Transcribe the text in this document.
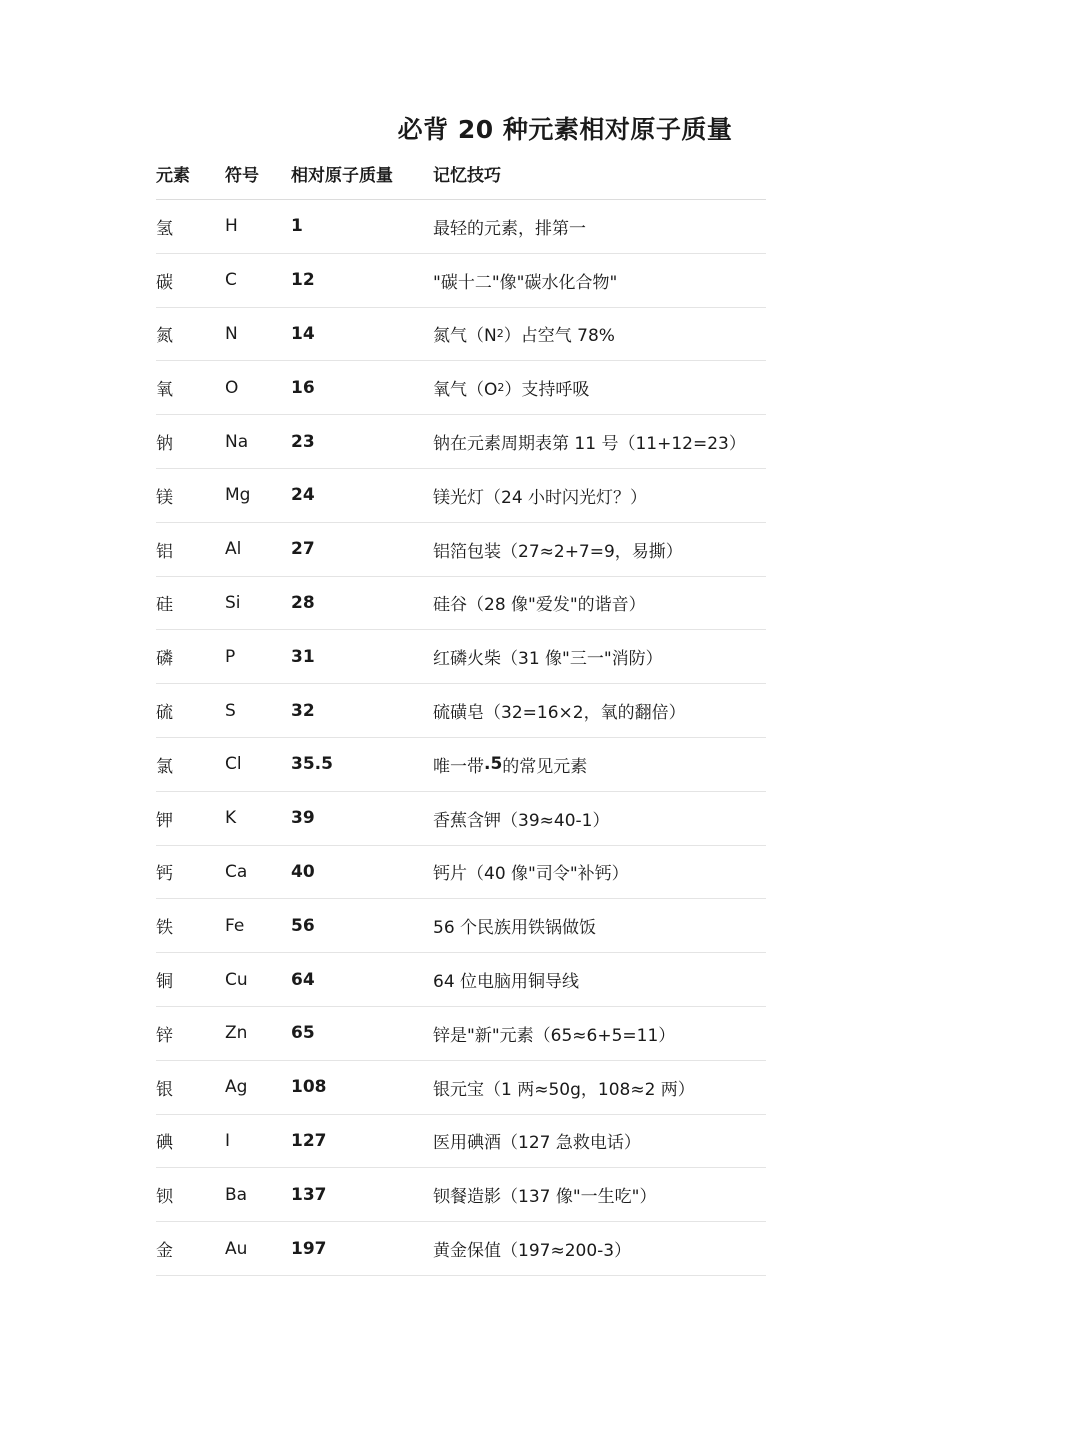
必背 20 种元素相对原子质量
元素 符号 相对原子质量 记忆技巧
氢	H	1	最轻的元素，排第一
碳	C	12	"碳十二"像"碳水化合物"
氮	N	14	氮气（N 2 ）占空气 78%
氧	O	16	氧气（O 2 ）支持呼吸
钠	Na	23	钠在元素周期表第 11 号（11+12=23）
镁	Mg 24	镁光灯（24 小时闪光灯？）
铝	Al	27	铝箔包装（27≈2+7=9，易撕）
硅	Si	28	硅谷（28 像"爱发"的谐音）
磷	P	31	红磷火柴（31 像"三一"消防）
硫	S	32	硫磺皂（32=16×2，氧的翻倍）
氯	Cl	35.5	唯一带 .5 的常见元素
钾	K	39	香蕉含钾（39≈40-1）
钙	Ca	40	钙片（40 像"司令"补钙）
铁	Fe	56	56 个民族用铁锅做饭
铜	Cu	64	64 位电脑用铜导线
锌	Zn	65	锌是"新"元素（65≈6+5=11）
银	Ag	108	银元宝（1 两≈50g，108≈2 两）
碘	I	127	医用碘酒（127 急救电话）
钡	Ba	137	钡餐造影（137 像"一生吃"）
金	Au	197	黄金保值（197≈200-3）
